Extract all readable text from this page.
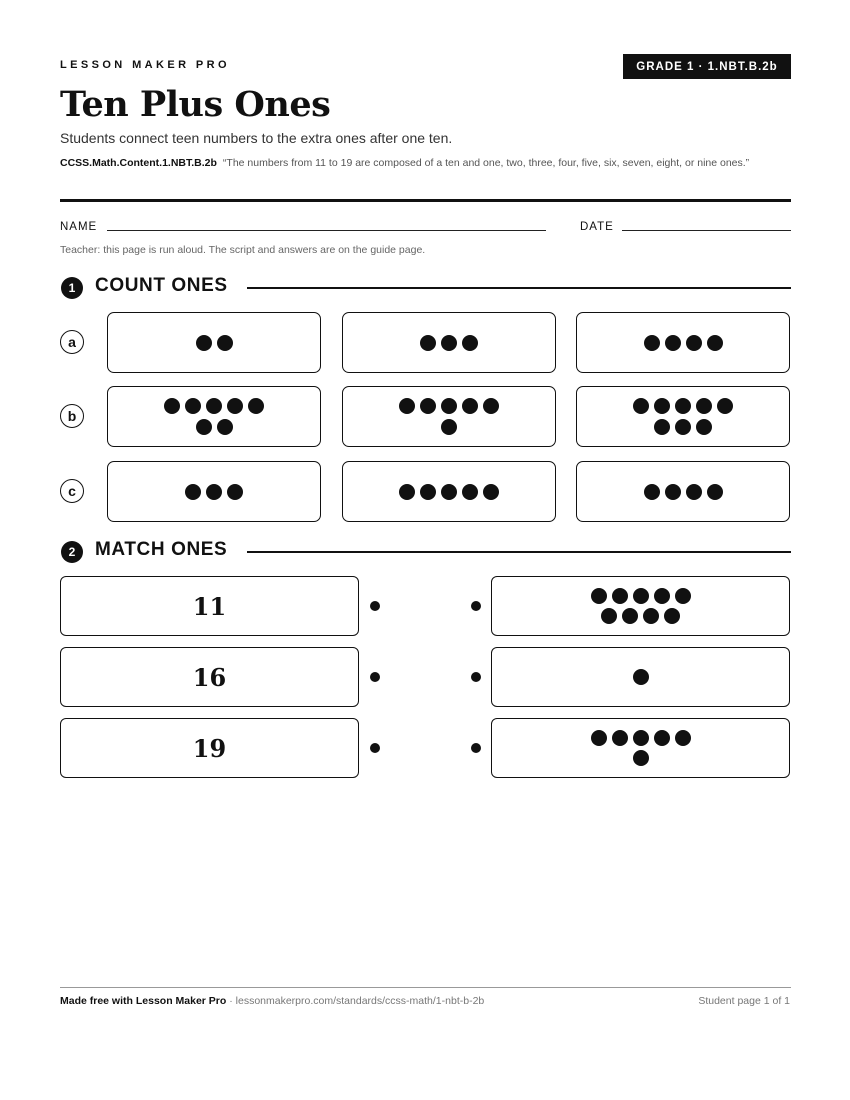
LESSON MAKER PRO	GRADE 1 · 1.NBT.B.2b
Ten Plus Ones
Students connect teen numbers to the extra ones after one ten.
CCSS.Math.Content.1.NBT.B.2b “The numbers from 11 to 19 are composed of a ten and one, two, three, four, five, six, seven, eight, or nine ones.”
NAME	DATE
Teacher: this page is run aloud. The script and answers are on the guide page.
1	COUNT ONES
a
b
c
2	MATCH ONES
11
16
19
Made free with Lesson Maker Pro · lessonmakerpro.com/standards/ccss-math/1-nbt-b-2b	Student page 1 of 1
